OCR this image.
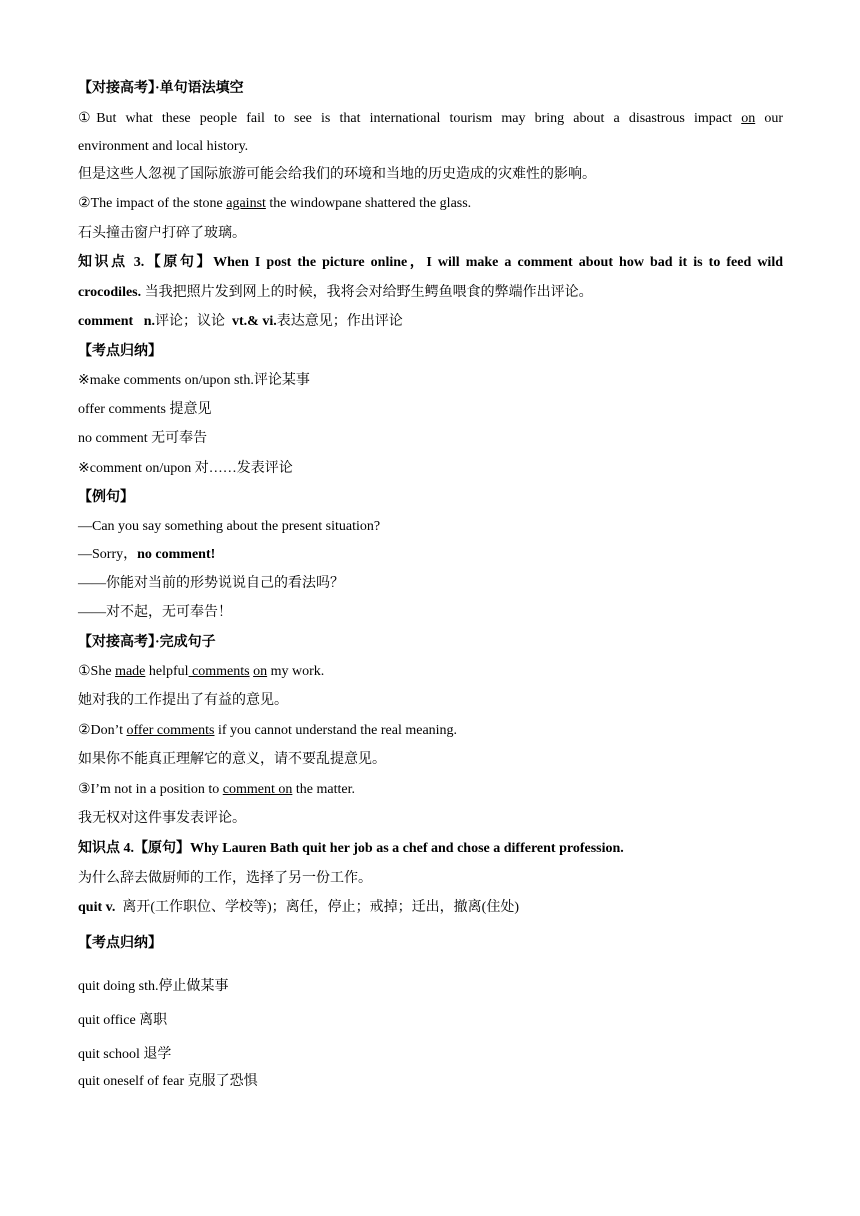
【对接高考】·单句语法填空
①But what these people fail to see is that international tourism may bring about a disastrous impact on our
environment and local history.
但是这些人忽视了国际旅游可能会给我们的环境和当地的历史造成的灾难性的影响。
②The impact of the stone against the windowpane shattered the glass.
石头撞击窗户打碎了玻璃。
知识点 3.【原句】When I post the picture online，I will make a comment about how bad it is to feed wild
crocodiles. 当我把照片发到网上的时候，我将会对给野生鳄鱼喂食的弊端作出评论。
comment n.评论；议论 vt.& vi.表达意见；作出评论
【考点归纳】
※make comments on/upon sth.评论某事
offer comments 提意见
no comment 无可奉告
※comment on/upon 对……发表评论
【例句】
—Can you say something about the present situation?
—Sorry，no comment!
——你能对当前的形势说说自己的看法吗？
——对不起，无可奉告！
【对接高考】·完成句子
①She made helpful comments on my work.
她对我的工作提出了有益的意见。
②Don’t offer comments if you cannot understand the real meaning.
如果你不能真正理解它的意义，请不要乱提意见。
③I’m not in a position to comment on the matter.
我无权对这件事发表评论。
知识点 4.【原句】Why Lauren Bath quit her job as a chef and chose a different profession.
为什么辞去做厨师的工作，选择了另一份工作。
quit v. 离开(工作职位、学校等)；离任，停止；戒掉；迁出，撤离(住处)
【考点归纳】
quit doing sth.停止做某事
quit office 离职
quit school 退学
quit oneself of fear 克服了恐惧
